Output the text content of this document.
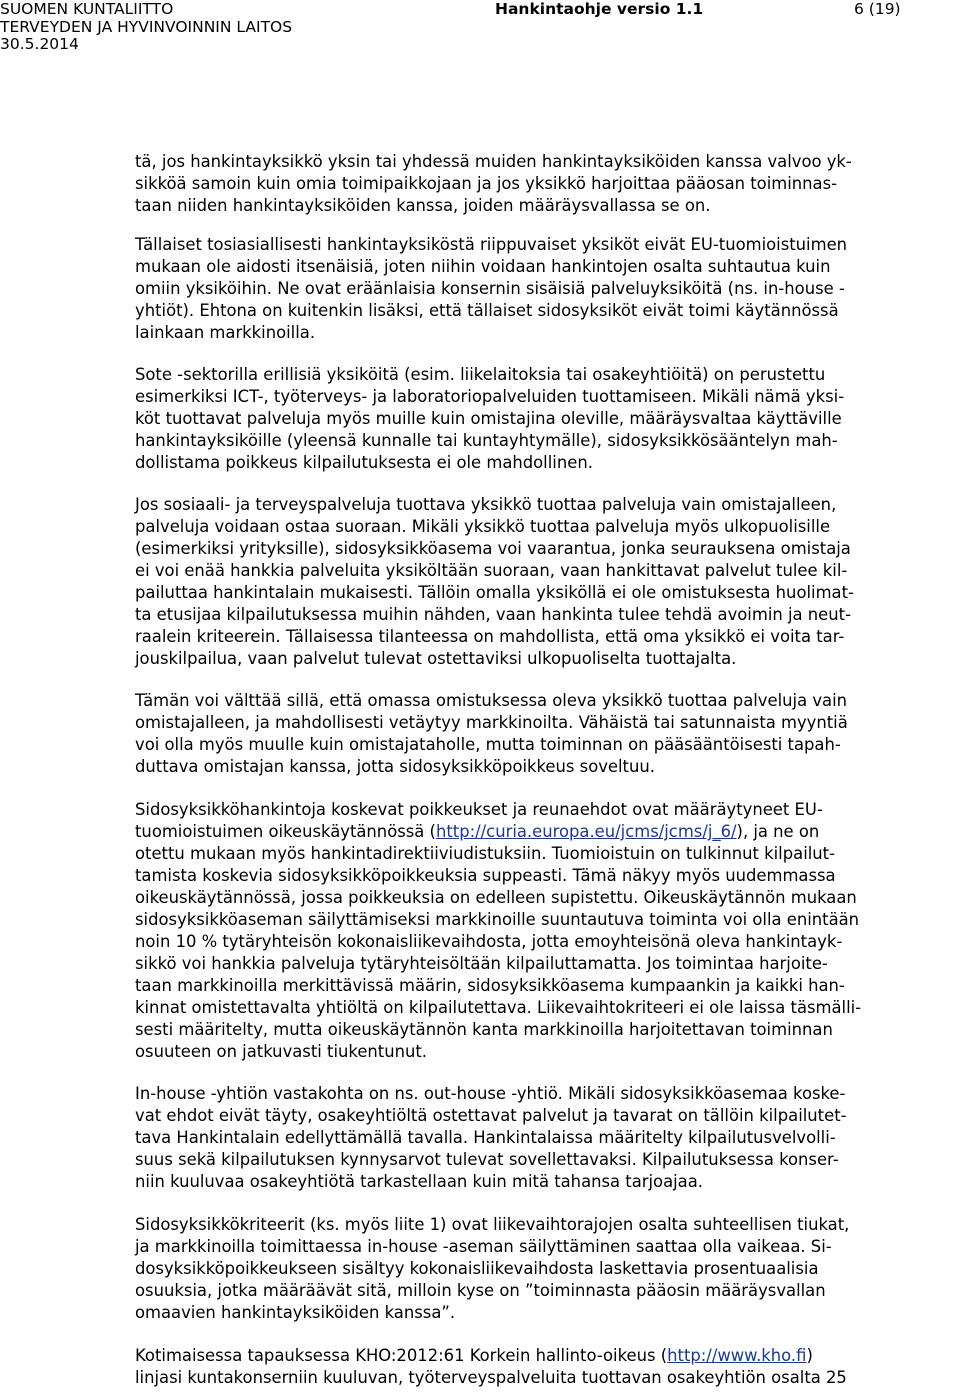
SUOMEN KUNTALIITTO
TERVEYDEN JA HYVINVOINNIN LAITOS
30.5.2014
Hankintaohje versio 1.1	6 (19)
tä, jos hankintayksikkö yksin tai yhdessä muiden hankintayksiköiden kanssa valvoo yk-
sikköä samoin kuin omia toimipaikkojaan ja jos yksikkö harjoittaa pääosan toiminnas-
taan niiden hankintayksiköiden kanssa, joiden määräysvallassa se on.
Tällaiset tosiasiallisesti hankintayksiköstä riippuvaiset yksiköt eivät EU-tuomioistuimen
mukaan ole aidosti itsenäisiä, joten niihin voidaan hankintojen osalta suhtautua kuin
omiin yksiköihin. Ne ovat eräänlaisia konsernin sisäisiä palveluyksiköitä (ns. in-house -
yhtiöt). Ehtona on kuitenkin lisäksi, että tällaiset sidosyksiköt eivät toimi käytännössä
lainkaan markkinoilla.
Sote -sektorilla erillisiä yksiköitä (esim. liikelaitoksia tai osakeyhtiöitä) on perustettu
esimerkiksi ICT-, työterveys- ja laboratoriopalveluiden tuottamiseen. Mikäli nämä yksi-
köt tuottavat palveluja myös muille kuin omistajina oleville, määräysvaltaa käyttäville
hankintayksiköille (yleensä kunnalle tai kuntayhtymälle), sidosyksikkösääntelyn mah-
dollistama poikkeus kilpailutuksesta ei ole mahdollinen.
Jos sosiaali- ja terveyspalveluja tuottava yksikkö tuottaa palveluja vain omistajalleen,
palveluja voidaan ostaa suoraan. Mikäli yksikkö tuottaa palveluja myös ulkopuolisille
(esimerkiksi yrityksille), sidosyksikköasema voi vaarantua, jonka seurauksena omistaja
ei voi enää hankkia palveluita yksiköltään suoraan, vaan hankittavat palvelut tulee kil-
pailuttaa hankintalain mukaisesti. Tällöin omalla yksiköllä ei ole omistuksesta huolimat-
ta etusijaa kilpailutuksessa muihin nähden, vaan hankinta tulee tehdä avoimin ja neut-
raalein kriteerein. Tällaisessa tilanteessa on mahdollista, että oma yksikkö ei voita tar-
jouskilpailua, vaan palvelut tulevat ostettaviksi ulkopuoliselta tuottajalta.
Tämän voi välttää sillä, että omassa omistuksessa oleva yksikkö tuottaa palveluja vain
omistajalleen, ja mahdollisesti vetäytyy markkinoilta. Vähäistä tai satunnaista myyntiä
voi olla myös muulle kuin omistajataholle, mutta toiminnan on pääsääntöisesti tapah-
duttava omistajan kanssa, jotta sidosyksikköpoikkeus soveltuu.
Sidosyksikköhankintoja koskevat poikkeukset ja reunaehdot ovat määräytyneet EU-
tuomioistuimen oikeuskäytännössä (http://curia.europa.eu/jcms/jcms/j_6/), ja ne on
otettu mukaan myös hankintadirektiiviudistuksiin. Tuomioistuin on tulkinnut kilpailut-
tamista koskevia sidosyksikköpoikkeuksia suppeasti. Tämä näkyy myös uudemmassa
oikeuskäytännössä, jossa poikkeuksia on edelleen supistettu. Oikeuskäytännön mukaan
sidosyksikköaseman säilyttämiseksi markkinoille suuntautuva toiminta voi olla enintään
noin 10 % tytäryhteisön kokonaisliikevaihdosta, jotta emoyhteisönä oleva hankintayk-
sikkö voi hankkia palveluja tytäryhteisöltään kilpailuttamatta. Jos toimintaa harjoite-
taan markkinoilla merkittävissä määrin, sidosyksikköasema kumpaankin ja kaikki han-
kinnat omistettavalta yhtiöltä on kilpailutettava. Liikevaihtokriteeri ei ole laissa täsmälli-
sesti määritelty, mutta oikeuskäytännön kanta markkinoilla harjoitettavan toiminnan
osuuteen on jatkuvasti tiukentunut.
In-house -yhtiön vastakohta on ns. out-house -yhtiö. Mikäli sidosyksikköasemaa koske-
vat ehdot eivät täyty, osakeyhtiöltä ostettavat palvelut ja tavarat on tällöin kilpailutet-
tava Hankintalain edellyttämällä tavalla. Hankintalaissa määritelty kilpailutusvelvolli-
suus sekä kilpailutuksen kynnysarvot tulevat sovellettavaksi. Kilpailutuksessa konser-
niin kuuluvaa osakeyhtiötä tarkastellaan kuin mitä tahansa tarjoajaa.
Sidosyksikkökriteerit (ks. myös liite 1) ovat liikevaihtorajojen osalta suhteellisen tiukat,
ja markkinoilla toimittaessa in-house -aseman säilyttäminen saattaa olla vaikeaa. Si-
dosyksikköpoikkeukseen sisältyy kokonaisliikevaihdosta laskettavia prosentuaalisia
osuuksia, jotka määräävät sitä, milloin kyse on ”toiminnasta pääosin määräysvallan
omaavien hankintayksiköiden kanssa”.
Kotimaisessa tapauksessa KHO:2012:61 Korkein hallinto-oikeus (http://www.kho.fi)
linjasi kuntakonserniin kuuluvan, työterveyspalveluita tuottavan osakeyhtiön osalta 25
